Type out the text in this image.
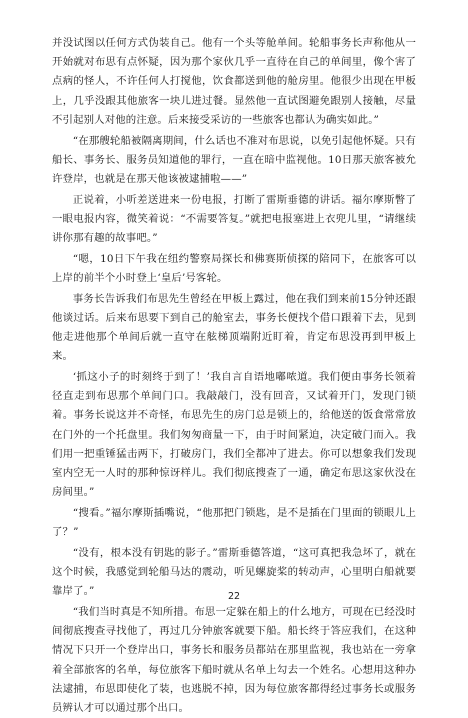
并没试图以任何方式伪装自己。他有一个头等舱单间。轮船事务长声称他从一开始就对布思有点怀疑，因为那个家伙几乎一直待在自己的单间里，像个害了点病的怪人，不许任何人打搅他，饮食都送到他的舱房里。他很少出现在甲板上，几乎没跟其他旅客一块儿进过餐。显然他一直试图避免跟别人接触，尽量不引起别人对他的注意。后来接受采访的一些旅客也都认为确实如此。”

“在那艘轮船被隔离期间，什么话也不准对布思说，以免引起他怀疑。只有船长、事务长、服务员知道他的罪行，一直在暗中监视他。10日那天旅客被允许登岸，也就是在那天他该被逮捕啦——”

正说着，小听差送进来一份电报，打断了雷斯垂德的讲话。福尔摩斯瞥了一眼电报内容，微笑着说：“不需要答复。”就把电报塞进上衣兜儿里，“请继续讲你那有趣的故事吧。”

“嗯，10日下午我在纽约警察局探长和佛赛斯侦探的陪同下，在旅客可以上岸的前半个小时登上‘皇后’号客轮。

事务长告诉我们布思先生曾经在甲板上露过，他在我们到来前15分钟还跟他谈过话。后来布思要下到自己的舱室去，事务长便找个借口跟着下去，见到他走进他那个单间后就一直守在舷梯顶端附近盯着，肯定布思没再到甲板上来。

‘抓这小子的时刻终于到了！’我自言自语地嘟哝道。我们便由事务长领着径直走到布思那个单间门口。我敲敲门，没有回音，又试着开门，发现门锁着。事务长说这并不奇怪，布思先生的房门总是锁上的，给他送的饭食常常放在门外的一个托盘里。我们匆匆商量一下，由于时间紧迫，决定破门而入。我们用一把重锤猛击两下，打破房门，我们全都冲了进去。你可以想象我们发现室内空无一人时的那种惊讶样儿。我们彻底搜查了一通，确定布思这家伙没在房间里。”

“搜看。”福尔摩斯插嘴说，“他那把门锁匙，是不是插在门里面的锁眼儿上了？”

“没有，根本没有钥匙的影子。”雷斯垂德答道，“这可真把我急坏了，就在这个时候，我感觉到轮船马达的震动，听见螺旋桨的转动声，心里明白船就要靠岸了。”

“我们当时真是不知所措。布思一定躲在船上的什么地方，可现在已经没时间彻底搜查寻找他了，再过几分钟旅客就要下船。船长终于答应我们，在这种情况下只开一个登岸出口，事务长和服务员都站在那里监视，我也站在一旁拿着全部旅客的名单，每位旅客下船时就从名单上勾去一个姓名。心想用这种办法逮捕，布思即使化了装，也逃脱不掉，因为每位旅客都得经过事务长或服务员辨认才可以通过那个出口。

22
